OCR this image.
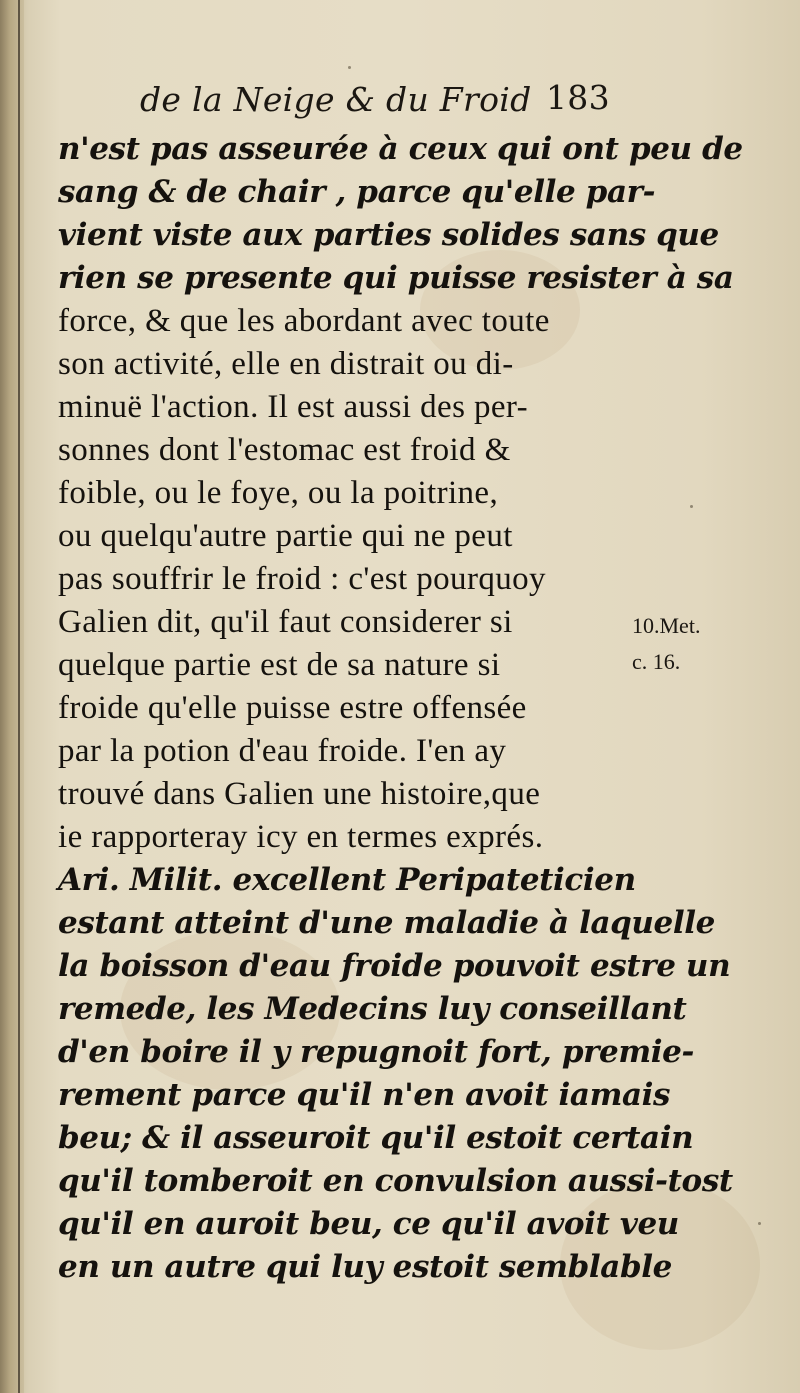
de la Neige & du Froid 183
n'est pas asseurée à ceux qui ont peu de
sang & de chair , parce qu'elle par-
vient viste aux parties solides sans que
rien se presente qui puisse resister à sa
force, & que les abordant avec toute
son activité, elle en distrait ou di-
minuë l'action. Il est aussi des per-
sonnes dont l'estomac est froid &
foible, ou le foye, ou la poitrine,
ou quelqu'autre partie qui ne peut
pas souffrir le froid : c'est pourquoy
Galien dit, qu'il faut considerer si
quelque partie est de sa nature si
froide qu'elle puisse estre offensée
par la potion d'eau froide. I'en ay
trouvé dans Galien une histoire,que
ie rapporteray icy en termes exprés.
Ari. Milit. excellent Peripateticien
estant atteint d'une maladie à laquelle
la boisson d'eau froide pouvoit estre un
remede, les Medecins luy conseillant
d'en boire il y repugnoit fort, premie-
rement parce qu'il n'en avoit iamais
beu; & il asseuroit qu'il estoit certain
qu'il tomberoit en convulsion aussi-tost
qu'il en auroit beu, ce qu'il avoit veu
en un autre qui luy estoit semblable
10.Met.
c. 16.
